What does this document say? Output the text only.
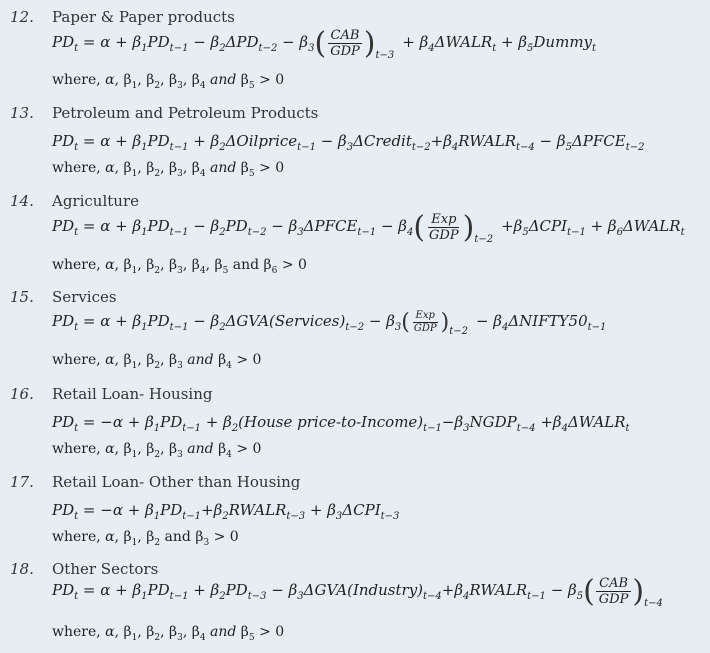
12. Paper & Paper products
$PD_t = \alpha + \beta_1PD_{t-1} - \beta_2\Delta PD_{t-2} - \beta_3$ ( $\frac{\text{CAB}}{\text{GDP}}$ ) t−3
+ $\beta_4\Delta WALR_t$ + $\beta_5Dummy_t$
where, α, $\beta_1$, $\beta_2$, $\beta_3$, $\beta_4$ and $\beta_5 > 0$
13. Petroleum and Petroleum Products
$PD_t = \alpha + \beta_1PD_{t-1}$ + $\beta_2\Delta Oilprice_{t-1}$ − $\beta_3\Delta Credit_{t-2}+\beta_4RWALR_{t-4}$ − $\beta_5\Delta PFCE_{t-2}$
where, α, $\beta_1$, $\beta_2$, $\beta_3$, $\beta_4$ and $\beta_5 > 0$
14. Agriculture
$PD_t = \alpha + \beta_1PD_{t-1} - \beta_2PD_{t-2}$ − $\beta_3\Delta PFCE_{t-1} - \beta_4$ ( $\frac{\text{Exp}}{\text{GDP}}$ ) t−2
$+\beta_5\Delta CPI_{t-1}$ + $\beta_6\Delta WALR_t$
where, α, $\beta_1$, $\beta_2$, $\beta_3$, $\beta_4$, $\beta_5$ and $\beta_6 > 0$
15. Services
$PD_t = \alpha + \beta_1PD_{t-1}$ − $\beta_2\Delta GVA(Services)_{t-2} - \beta_3$ ( $\frac{\text{Exp}}{\text{GDP}}$ ) t−2
− $\beta_4\Delta NIFTY50_{t-1}$
where, α, $\beta_1$, $\beta_2$, $\beta_3$ and $\beta_4 > 0$
16. Retail Loan- Housing
$PD_t = -\alpha + \beta_1PD_{t-1}$ + $\beta_2(House$ price-$to-Income)_{t-1}-\beta_3NGDP_{t-4}$ $+\beta_4\Delta WALR_t$
where, α, $\beta_1$, $\beta_2$, $\beta_3$ and $\beta_4 > 0$
17. Retail Loan- Other than Housing
$PD_t = -\alpha$ + $\beta_1PD_{t-1}+\beta_2RWALR_{t-3} + \beta_3\Delta CPI_{t-3}$
where, α, $\beta_1$, $\beta_2$ and $\beta_3 > 0$
18. Other Sectors
$PD_t = \alpha + \beta_1PD_{t-1} + \beta_2PD_{t-3}$ − $\beta_3\Delta GVA(Industry)_{t-4}+\beta_4RWALR_{t-1} - \beta_5$ ( $\frac{\text{CAB}}{\text{GDP}}$ ) t−4
where, α, $\beta_1$, $\beta_2$, $\beta_3$, $\beta_4$ and $\beta_5 > 0$
